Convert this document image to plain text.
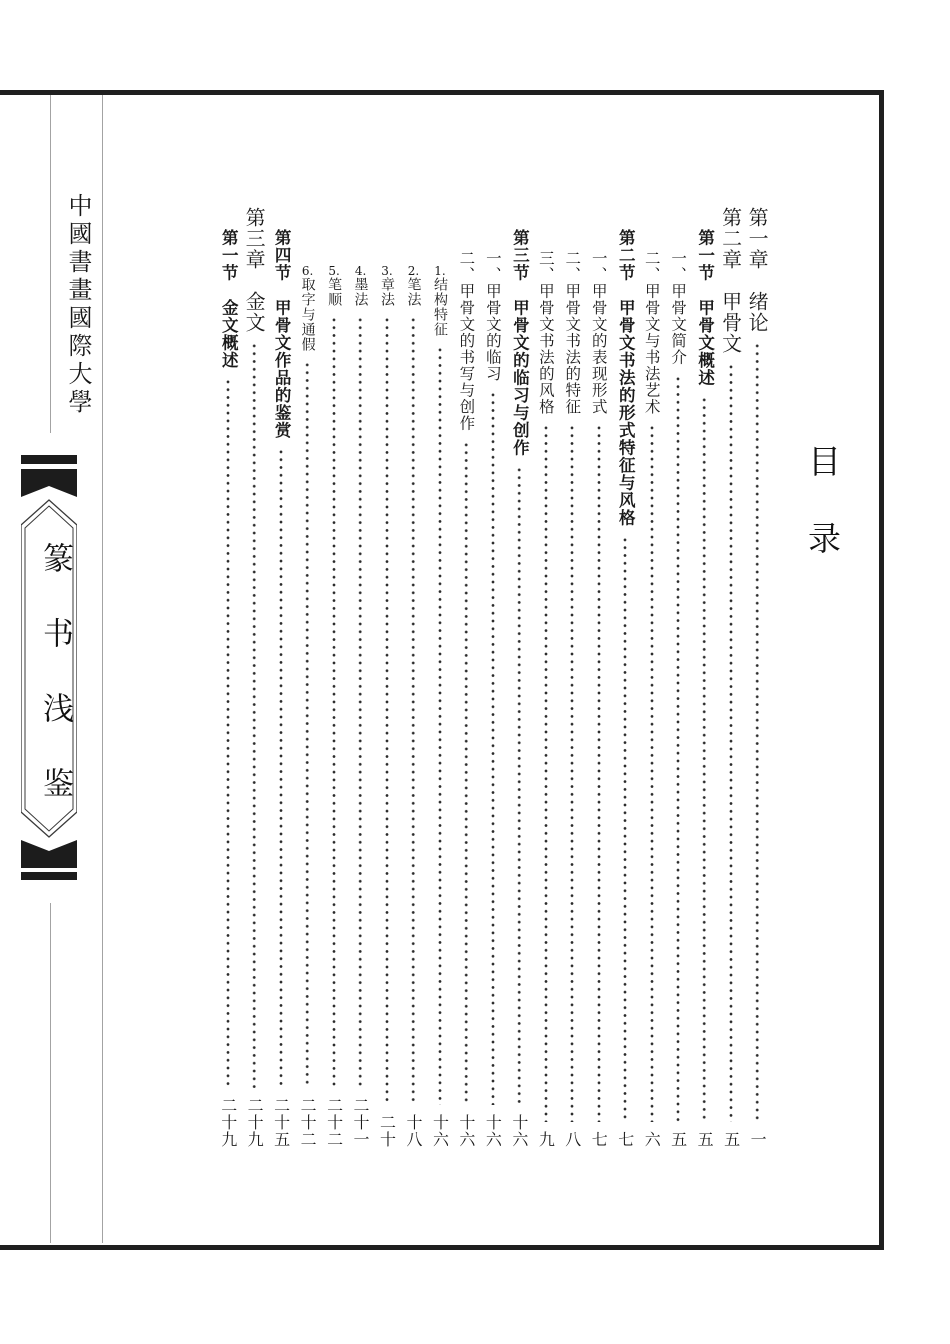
中國書畫國際大學
篆书浅鉴
目录
第一章　绪论
一
第二章　甲骨文
五
第一节　甲骨文概述
五
一、甲骨文简介
五
二、甲骨文与书法艺术
六
第二节　甲骨文书法的形式特征与风格
七
一、甲骨文的表现形式
七
二、甲骨文书法的特征
八
三、甲骨文书法的风格
九
第三节　甲骨文的临习与创作
十六
一、甲骨文的临习
十六
二、甲骨文的书写与创作
十六
1.
结构特征
十六
2.
笔法
十八
3.
章法
二十
4.
墨法
二十一
5.
笔顺
二十二
6.
取字与通假
二十二
第四节　甲骨文作品的鉴赏
二十五
第三章　金文
二十九
第一节　金文概述
二十九
